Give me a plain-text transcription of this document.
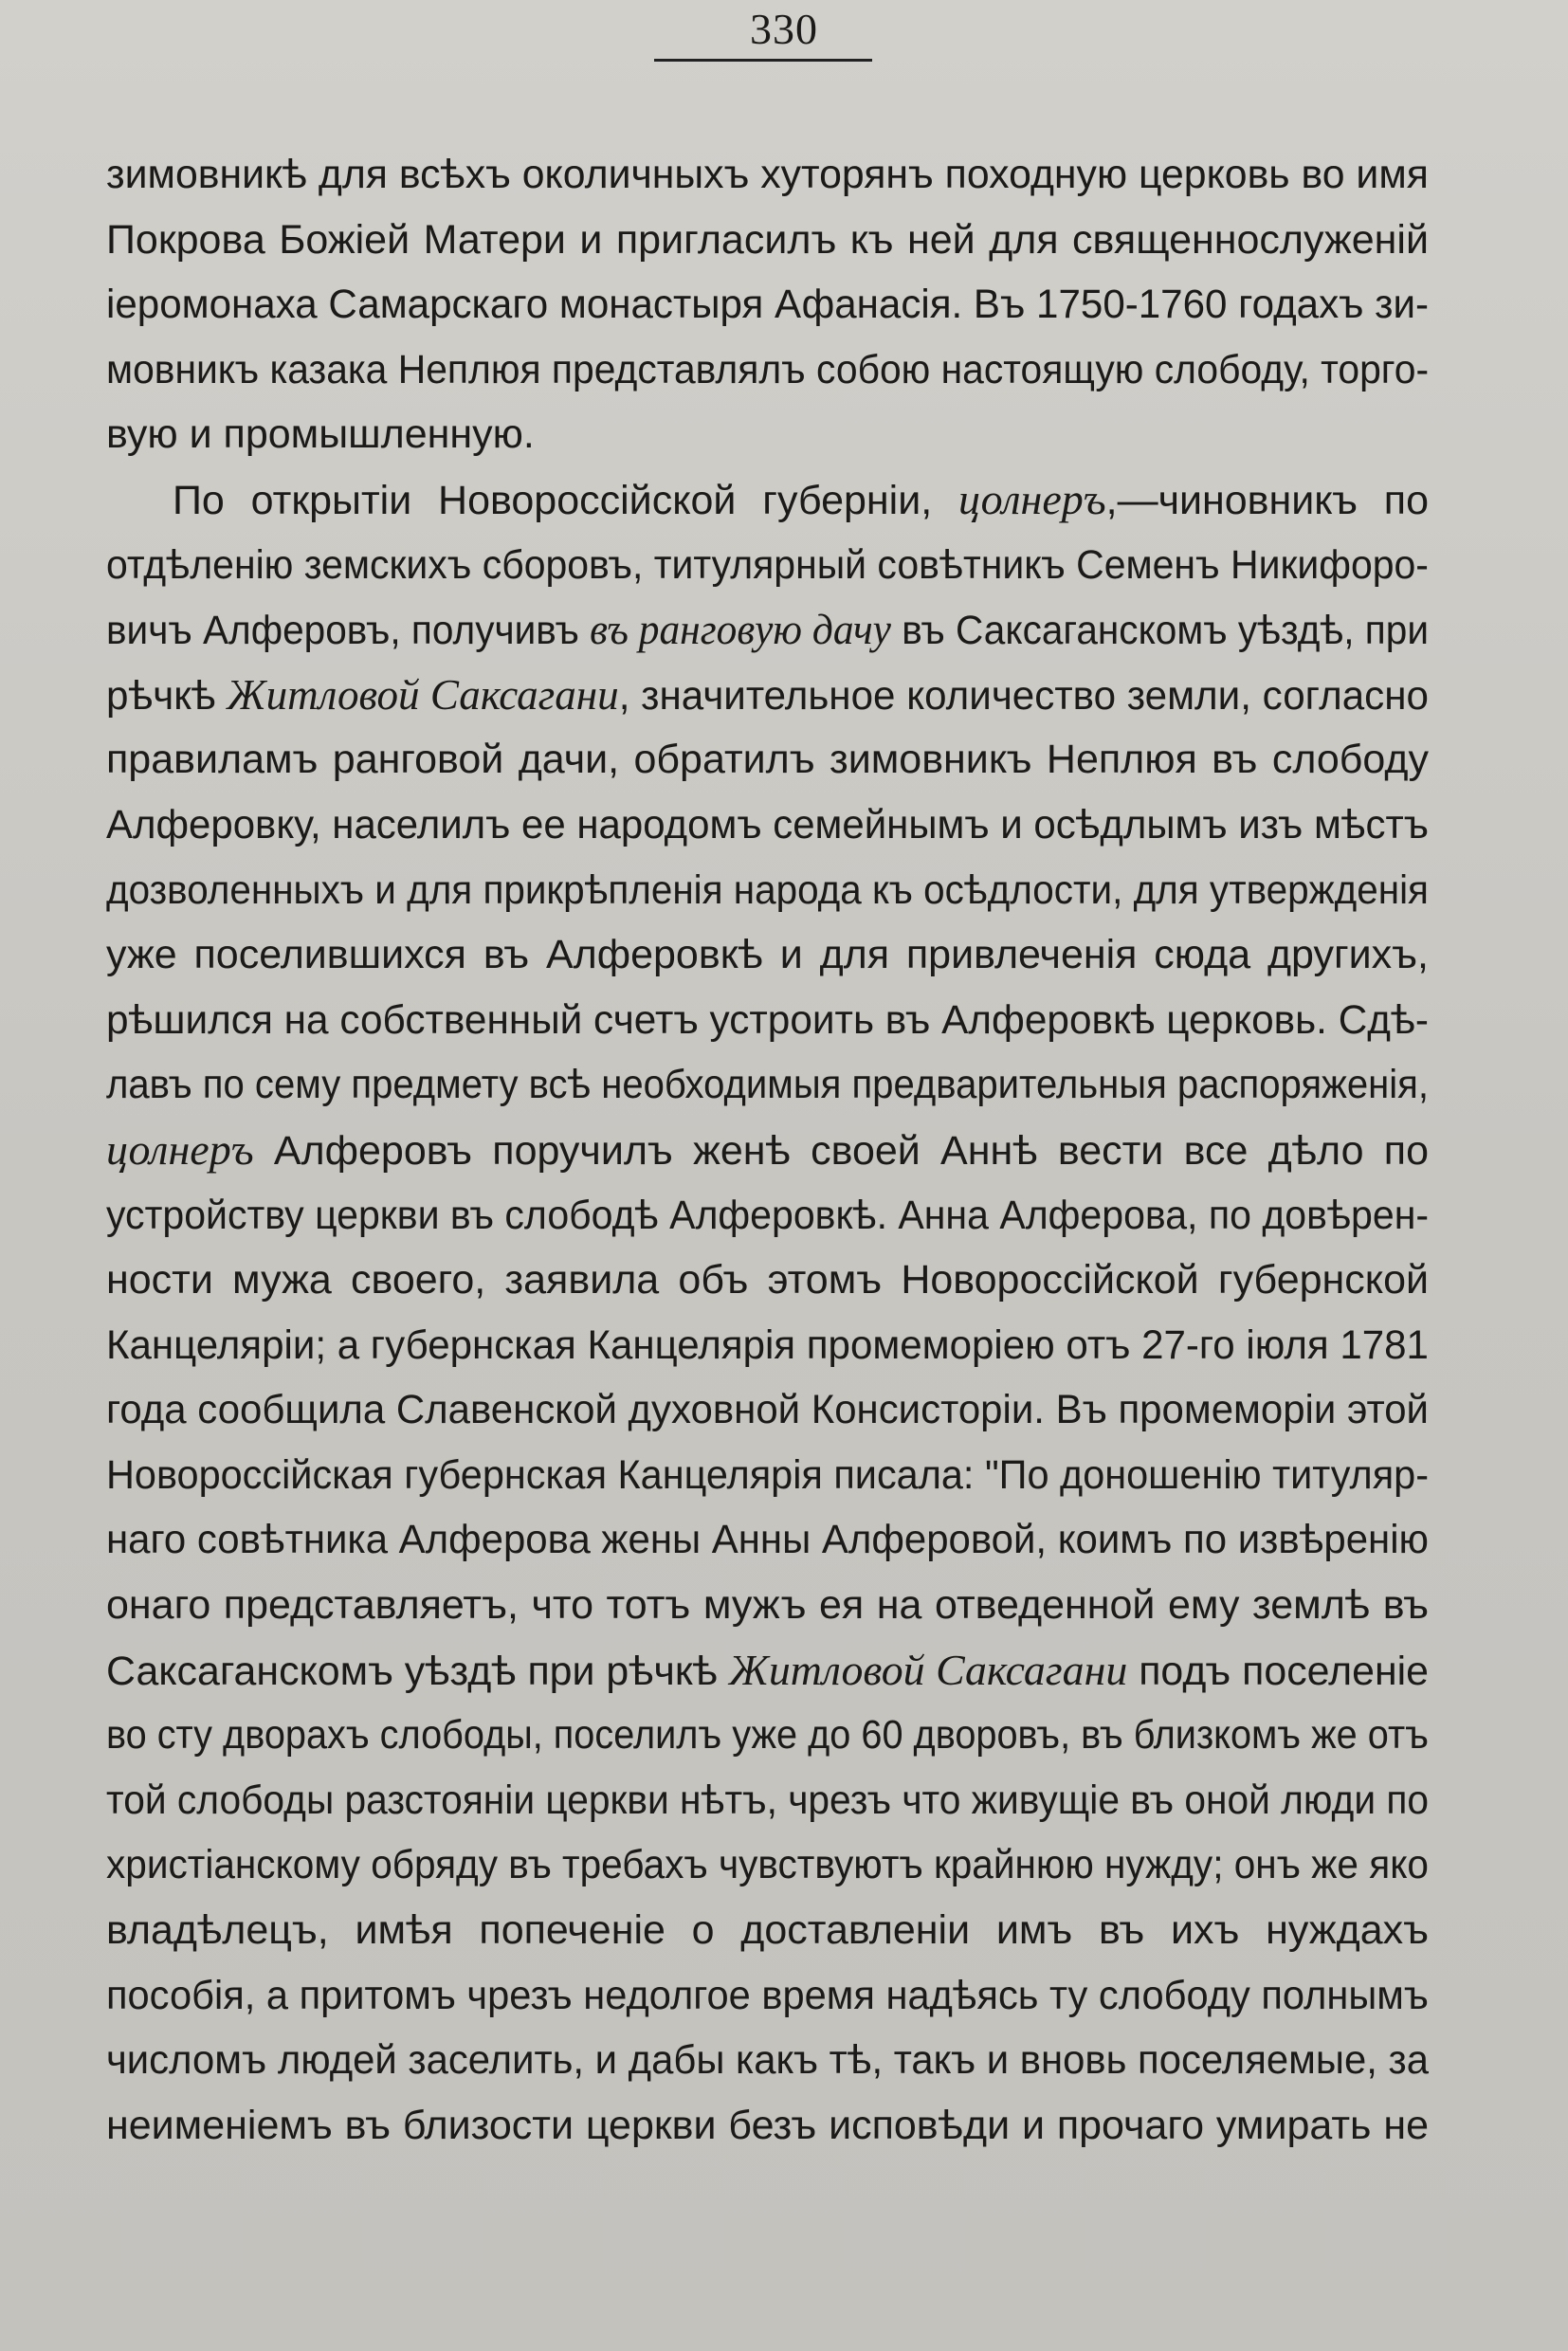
330
зимовникѣ для всѣхъ околичныхъ хуторянъ походную церковь во имя
Покрова Божіей Матери и пригласилъ къ ней для священнослуженій
іеромонаха Самарскаго монастыря Афанасія. Въ 1750-1760 годахъ зи-
мовникъ казака Неплюя представлялъ собою настоящую слободу, торго-
вую и промышленную.
По открытіи Новороссійской губерніи, цолнеръ,—чиновникъ по
отдѣленію земскихъ сборовъ, титулярный совѣтникъ Семенъ Никифоро-
вичъ Алферовъ, получивъ въ ранговую дачу въ Саксаганскомъ уѣздѣ, при
рѣчкѣ Житловой Саксагани, значительное количество земли, согласно
правиламъ ранговой дачи, обратилъ зимовникъ Неплюя въ слободу
Алферовку, населилъ ее народомъ семейнымъ и осѣдлымъ изъ мѣстъ
дозволенныхъ и для прикрѣпленія народа къ осѣдлости, для утвержденія
уже поселившихся въ Алферовкѣ и для привлеченія сюда другихъ,
рѣшился на собственный счетъ устроить въ Алферовкѣ церковь. Сдѣ-
лавъ по сему предмету всѣ необходимыя предварительныя распоряженія,
цолнеръ Алферовъ поручилъ женѣ своей Аннѣ вести все дѣло по
устройству церкви въ слободѣ Алферовкѣ. Анна Алферова, по довѣрен-
ности мужа своего, заявила объ этомъ Новороссійской губернской
Канцеляріи; а губернская Канцелярія промеморіею отъ 27-го іюля 1781
года сообщила Славенской духовной Консисторіи. Въ промеморіи этой
Новороссійская губернская Канцелярія писала: "По доношенію титуляр-
наго совѣтника Алферова жены Анны Алферовой, коимъ по извѣренію
онаго представляетъ, что тотъ мужъ ея на отведенной ему землѣ въ
Саксаганскомъ уѣздѣ при рѣчкѣ Житловой Саксагани подъ поселеніе
во сту дворахъ слободы, поселилъ уже до 60 дворовъ, въ близкомъ же отъ
той слободы разстояніи церкви нѣтъ, чрезъ что живущіе въ оной люди по
христіанскому обряду въ требахъ чувствуютъ крайнюю нужду; онъ же яко
владѣлецъ, имѣя попеченіе о доставленіи имъ въ ихъ нуждахъ
пособія, а притомъ чрезъ недолгое время надѣясь ту слободу полнымъ
числомъ людей заселить, и дабы какъ тѣ, такъ и вновь поселяемые, за
неименіемъ въ близости церкви безъ исповѣди и прочаго умирать не
